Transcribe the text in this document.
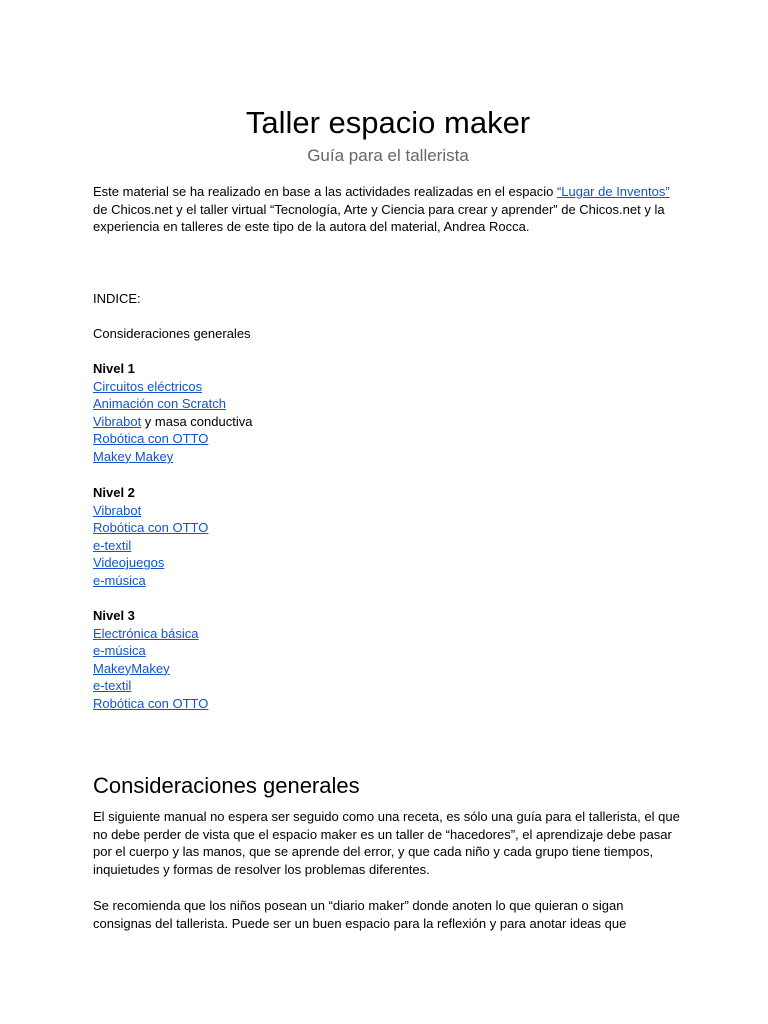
Taller espacio maker
Guía para el tallerista

Este material se ha realizado en base a las actividades realizadas en el espacio “Lugar de Inventos” de Chicos.net y el taller virtual “Tecnología, Arte y Ciencia para crear y aprender” de Chicos.net y la experiencia en talleres de este tipo de la autora del material, Andrea Rocca.

INDICE:
Consideraciones generales
Nivel 1
Circuitos eléctricos
Animación con Scratch
Vibrabot y masa conductiva
Robótica con OTTO
Makey Makey
Nivel 2
Vibrabot
Robótica con OTTO
e-textil
Videojuegos
e-música
Nivel 3
Electrónica básica
e-música
MakeyMakey
e-textil
Robótica con OTTO
Consideraciones generales

El siguiente manual no espera ser seguido como una receta, es sólo una guía para el tallerista, el que no debe perder de vista que el espacio maker es un taller de “hacedores”, el aprendizaje debe pasar por el cuerpo y las manos, que se aprende del error, y que cada niño y cada grupo tiene tiempos, inquietudes y formas de resolver los problemas diferentes.

Se recomienda que los niños posean un “diario maker” donde anoten lo que quieran o sigan consignas del tallerista. Puede ser un buen espacio para la reflexión y para anotar ideas que
